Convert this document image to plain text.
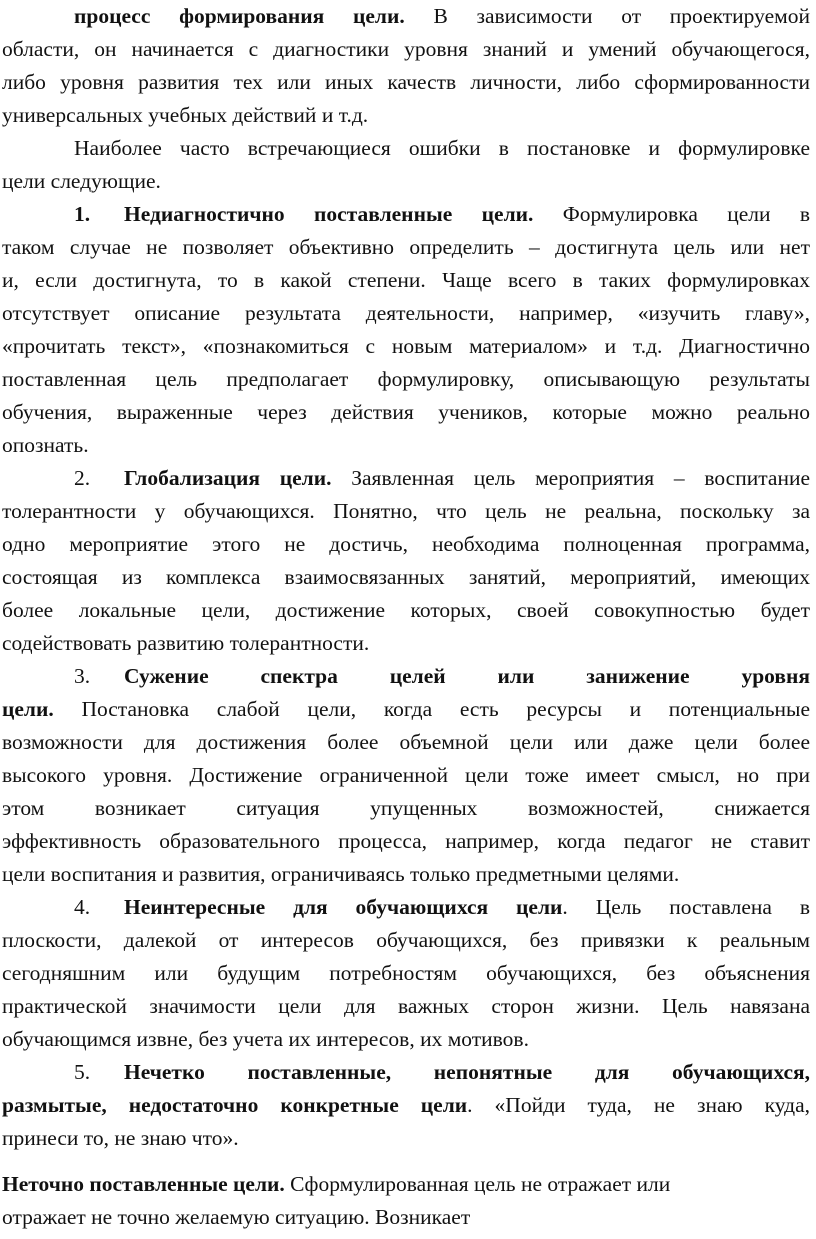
процесс формирования цели. В зависимости от проектируемой
области, он начинается с диагностики уровня знаний и умений обучающегося,
либо уровня развития тех или иных качеств личности, либо сформированности
универсальных учебных действий и т.д.
Наиболее часто встречающиеся ошибки в постановке и формулировке
цели следующие.
1. Недиагностично поставленные цели. Формулировка цели в
таком случае не позволяет объективно определить – достигнута цель или нет
и, если достигнута, то в какой степени. Чаще всего в таких формулировках
отсутствует описание результата деятельности, например, «изучить главу»,
«прочитать текст», «познакомиться с новым материалом» и т.д. Диагностично
поставленная цель предполагает формулировку, описывающую результаты
обучения, выраженные через действия учеников, которые можно реально
опознать.
2. Глобализация цели. Заявленная цель мероприятия – воспитание
толерантности у обучающихся. Понятно, что цель не реальна, поскольку за
одно мероприятие этого не достичь, необходима полноценная программа,
состоящая из комплекса взаимосвязанных занятий, мероприятий, имеющих
более локальные цели, достижение которых, своей совокупностью будет
содействовать развитию толерантности.
3. Сужение спектра целей или занижение уровня
цели. Постановка слабой цели, когда есть ресурсы и потенциальные
возможности для достижения более объемной цели или даже цели более
высокого уровня. Достижение ограниченной цели тоже имеет смысл, но при
этом возникает ситуация упущенных возможностей, снижается
эффективность образовательного процесса, например, когда педагог не ставит
цели воспитания и развития, ограничиваясь только предметными целями.
4. Неинтересные для обучающихся цели. Цель поставлена в
плоскости, далекой от интересов обучающихся, без привязки к реальным
сегодняшним или будущим потребностям обучающихся, без объяснения
практической значимости цели для важных сторон жизни. Цель навязана
обучающимся извне, без учета их интересов, их мотивов.
5. Нечетко поставленные, непонятные для обучающихся,
размытые, недостаточно конкретные цели. «Пойди туда, не знаю куда,
принеси то, не знаю что».
Неточно поставленные цели. Сформулированная цель не отражает или
отражает не точно желаемую ситуацию. Возникает
